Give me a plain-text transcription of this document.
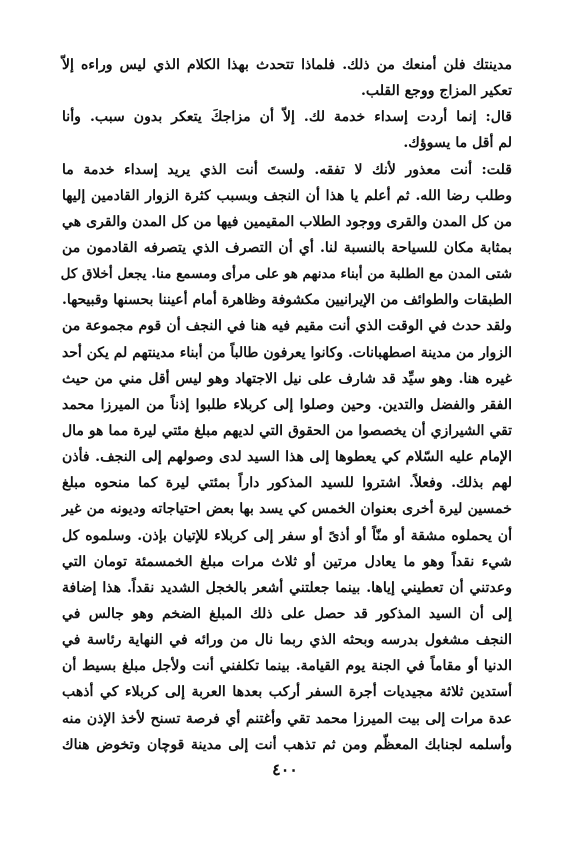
مدينتك فلن أمنعك من ذلك. فلماذا تتحدث بهذا الكلام الذي ليس وراءه إلاّ
تعكير المزاج ووجع القلب.
قال: إنما أردت إسداء خدمة لك. إلاّ أن مزاجكَ يتعكر بدون سبب. وأنا
لم أقل ما يسوؤك.
قلت: أنت معذور لأنك لا تفقه. ولستَ أنت الذي يريد إسداء خدمة ما
وطلب رضا الله. ثم أعلم يا هذا أن النجف وبسبب كثرة الزوار القادمين إليها
من كل المدن والقرى ووجود الطلاب المقيمين فيها من كل المدن والقرى هي
بمثابة مكان للسياحة بالنسبة لنا. أي أن التصرف الذي يتصرفه القادمون من
شتى المدن مع الطلبة من أبناء مدنهم هو على مرأى ومسمع منا. يجعل أخلاق كل
الطبقات والطوائف من الإيرانيين مكشوفة وظاهرة أمام أعيننا بحسنها وقبيحها.
ولقد حدث في الوقت الذي أنت مقيم فيه هنا في النجف أن قوم مجموعة من
الزوار من مدينة اصطهبانات. وكانوا يعرفون طالباً من أبناء مدينتهم لم يكن أحد
غيره هنا. وهو سيِّد قد شارف على نيل الاجتهاد وهو ليس أقل مني من حيث
الفقر والفضل والتدين. وحين وصلوا إلى كربلاء طلبوا إذناً من الميرزا محمد
تقي الشيرازي أن يخصصوا من الحقوق التي لديهم مبلغ مئتي ليرة مما هو مال
الإمام عليه السّلام كي يعطوها إلى هذا السيد لدى وصولهم إلى النجف. فأذن
لهم بذلك. وفعلاً. اشتروا للسيد المذكور داراً بمئتي ليرة كما منحوه مبلغ
خمسين ليرة أخرى بعنوان الخمس كي يسد بها بعض احتياجاته وديونه من غير
أن يحملوه مشقة أو منّاً أو أذىً أو سفر إلى كربلاء للإتيان بإذن. وسلموه كل
شيء نقداً وهو ما يعادل مرتين أو ثلاث مرات مبلغ الخمسمئة تومان التي
وعدتني أن تعطيني إياها. بينما جعلتني أشعر بالخجل الشديد نقداً. هذا إضافة
إلى أن السيد المذكور قد حصل على ذلك المبلغ الضخم وهو جالس في
النجف مشغول بدرسه وبحثه الذي ربما نال من ورائه في النهاية رئاسة في
الدنيا أو مقاماً في الجنة يوم القيامة. بينما تكلفني أنت ولأجل مبلغ بسيط أن
أستدين ثلاثة مجيديات أجرة السفر أركب بعدها العربة إلى كربلاء كي أذهب
عدة مرات إلى بيت الميرزا محمد تقي وأغتنم أي فرصة تسنح لأخذ الإذن منه
وأسلمه لجنابك المعظّم ومن ثم تذهب أنت إلى مدينة قوچان وتخوض هناك
٤٠٠
